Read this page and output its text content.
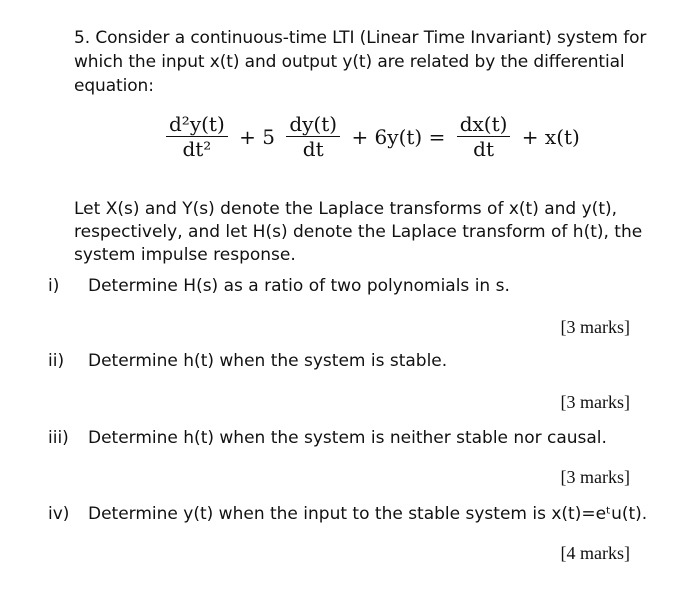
5. Consider a continuous-time LTI (Linear Time Invariant) system for which the input x(t) and output y(t) are related by the differential equation:
$\frac{\text{d²y(t)}}{\text{dt²}} + 5 \frac{dy(t)}{dt} + 6y(t) = \frac{dx(t)}{dt} + x(t)$
Let X(s) and Y(s) denote the Laplace transforms of x(t) and y(t), respectively, and let H(s) denote the Laplace transform of h(t), the system impulse response.
i) Determine H(s) as a ratio of two polynomials in s.
[3 marks]
ii) Determine h(t) when the system is stable.
[3 marks]
iii) Determine h(t) when the system is neither stable nor causal.
[3 marks]
iv) Determine y(t) when the input to the stable system is x(t)=eᵗu(t).
[4 marks]
